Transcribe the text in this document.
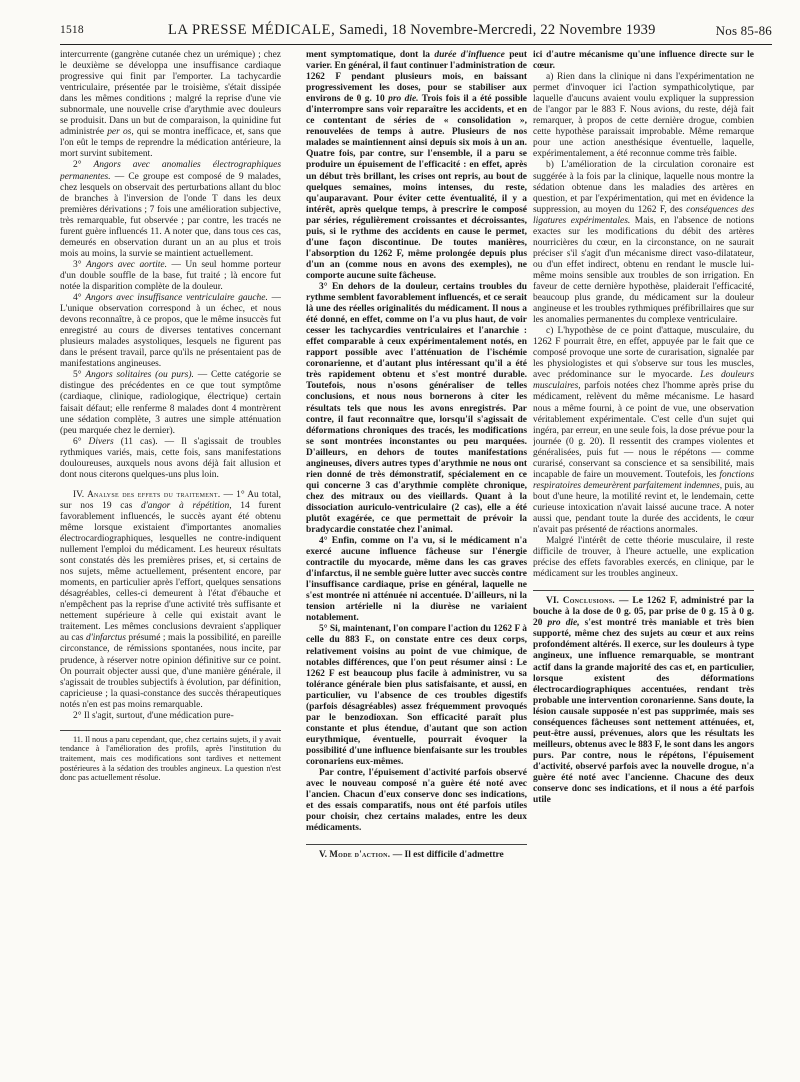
1518	LA PRESSE MÉDICALE, Samedi, 18 Novembre-Mercredi, 22 Novembre 1939	Nos 85-86

intercurrente (gangrène cutanée chez un urémique) ; chez le deuxième se développa une insuffisance cardiaque progressive qui finit par l'emporter. La tachycardie ventriculaire, présentée par le troisième, s'était dissipée dans les mêmes conditions ; malgré la reprise d'une vie subnormale, une nouvelle crise d'arythmie avec douleurs se produisit. Dans un but de comparaison, la quinidine fut administrée per os, qui se montra inefficace, et, sans que l'on eût le temps de reprendre la médication antérieure, la mort survint subitement.

2° Angors avec anomalies électrographiques permanentes. — Ce groupe est composé de 9 malades, chez lesquels on observait des perturbations allant du bloc de branches à l'inversion de l'onde T dans les deux premières dérivations ; 7 fois une amélioration subjective, très remarquable, fut observée ; par contre, les tracés ne furent guère influencés 11. A noter que, dans tous ces cas, demeurés en observation durant un an au plus et trois mois au moins, la survie se maintient actuellement.

3° Angors avec aortite. — Un seul homme porteur d'un double souffle de la base, fut traité ; là encore fut notée la disparition complète de la douleur.

4° Angors avec insuffisance ventriculaire gauche. — L'unique observation correspond à un échec, et nous devons reconnaître, à ce propos, que le même insuccès fut enregistré au cours de diverses tentatives concernant plusieurs malades asystoliques, lesquels ne figurent pas dans le présent travail, parce qu'ils ne présentaient pas de manifestations angineuses.

5° Angors solitaires (ou purs). — Cette catégorie se distingue des précédentes en ce que tout symptôme (cardiaque, clinique, radiologique, électrique) certain faisait défaut; elle renferme 8 malades dont 4 montrèrent une sédation complète, 3 autres une simple atténuation (peu marquée chez le dernier).

6° Divers (11 cas). — Il s'agissait de troubles rythmiques variés, mais, cette fois, sans manifestations douloureuses, auxquels nous avons déjà fait allusion et dont nous citerons quelques-uns plus loin.

IV. Analyse des effets du traitement. — 1° Au total, sur nos 19 cas d'angor à répétition, 14 furent favorablement influencés, le succès ayant été obtenu même lorsque existaient d'importantes anomalies électrocardiographiques, lesquelles ne contre-indiquent nullement l'emploi du médicament. Les heureux résultats sont constatés dès les premières prises, et, si certains de nos sujets, même actuellement, présentent encore, par moments, en particulier après l'effort, quelques sensations désagréables, celles-ci demeurent à l'état d'ébauche et n'empêchent pas la reprise d'une activité très suffisante et nettement supérieure à celle qui existait avant le traitement. Les mêmes conclusions devraient s'appliquer au cas d'infarctus présumé ; mais la possibilité, en pareille circonstance, de rémissions spontanées, nous incite, par prudence, à réserver notre opinion définitive sur ce point. On pourrait objecter aussi que, d'une manière générale, il s'agissait de troubles subjectifs à évolution, par définition, capricieuse ; la quasi-constance des succès thérapeutiques notés n'en est pas moins remarquable.

2° Il s'agit, surtout, d'une médication pure-

11. Il nous a paru cependant, que, chez certains sujets, il y avait tendance à l'amélioration des profils, après l'institution du traitement, mais ces modifications sont tardives et nettement postérieures à la sédation des troubles angineux. La question n'est donc pas actuellement résolue.

ment symptomatique, dont la durée d'influence peut varier. En général, il faut continuer l'administration de 1262 F pendant plusieurs mois, en baissant progressivement les doses, pour se stabiliser aux environs de 0 g. 10 pro die. Trois fois il a été possible d'interrompre sans voir reparaître les accidents, et en ce contentant de séries de « consolidation », renouvelées de temps à autre. Plusieurs de nos malades se maintiennent ainsi depuis six mois à un an. Quatre fois, par contre, sur l'ensemble, il a paru se produire un épuisement de l'efficacité : en effet, après un début très brillant, les crises ont repris, au bout de quelques semaines, moins intenses, du reste, qu'auparavant. Pour éviter cette éventualité, il y a intérêt, après quelque temps, à prescrire le composé par séries, régulièrement croissantes et décroissantes, puis, si le rythme des accidents en cause le permet, d'une façon discontinue. De toutes manières, l'absorption du 1262 F, même prolongée depuis plus d'un an (comme nous en avons des exemples), ne comporte aucune suite fâcheuse.

3° En dehors de la douleur, certains troubles du rythme semblent favorablement influencés, et ce serait là une des réelles originalités du médicament. Il nous a été donné, en effet, comme on l'a vu plus haut, de voir cesser les tachycardies ventriculaires et l'anarchie : effet comparable à ceux expérimentalement notés, en rapport possible avec l'atténuation de l'ischémie coronarienne, et d'autant plus intéressant qu'il a été très rapidement obtenu et s'est montré durable. Toutefois, nous n'osons généraliser de telles conclusions, et nous nous bornerons à citer les résultats tels que nous les avons enregistrés. Par contre, il faut reconnaître que, lorsqu'il s'agissait de déformations chroniques des tracés, les modifications se sont montrées inconstantes ou peu marquées. D'ailleurs, en dehors de toutes manifestations angineuses, divers autres types d'arythmie ne nous ont rien donné de très démonstratif, spécialement en ce qui concerne 3 cas d'arythmie complète chronique, chez des mitraux ou des vieillards. Quant à la dissociation auriculo-ventriculaire (2 cas), elle a été plutôt exagérée, ce que permettait de prévoir la bradycardie constatée chez l'animal.

4° Enfin, comme on l'a vu, si le médicament n'a exercé aucune influence fâcheuse sur l'énergie contractile du myocarde, même dans les cas graves d'infarctus, il ne semble guère lutter avec succès contre l'insuffisance cardiaque, prise en général, laquelle ne s'est montrée ni atténuée ni accentuée. D'ailleurs, ni la tension artérielle ni la diurèse ne variaient notablement.

5° Si, maintenant, l'on compare l'action du 1262 F à celle du 883 F., on constate entre ces deux corps, relativement voisins au point de vue chimique, de notables différences, que l'on peut résumer ainsi : Le 1262 F est beaucoup plus facile à administrer, vu sa tolérance générale bien plus satisfaisante, et aussi, en particulier, vu l'absence de ces troubles digestifs (parfois désagréables) assez fréquemment provoqués par le benzodioxan. Son efficacité paraît plus constante et plus étendue, d'autant que son action eurythmique, éventuelle, pourrait évoquer la possibilité d'une influence bienfaisante sur les troubles coronariens eux-mêmes.

Par contre, l'épuisement d'activité parfois observé avec le nouveau composé n'a guère été noté avec l'ancien. Chacun d'eux conserve donc ses indications, et des essais comparatifs, nous ont été parfois utiles pour choisir, chez certains malades, entre les deux médicaments.

V. Mode d'action. — Il est difficile d'admettre

ici d'autre mécanisme qu'une influence directe sur le cœur.

a) Rien dans la clinique ni dans l'expérimentation ne permet d'invoquer ici l'action sympathicolytique, par laquelle d'aucuns avaient voulu expliquer la suppression de l'angor par le 883 F. Nous avions, du reste, déjà fait remarquer, à propos de cette dernière drogue, combien cette hypothèse paraissait improbable. Même remarque pour une action anesthésique éventuelle, laquelle, expérimentalement, a été reconnue comme très faible.

b) L'amélioration de la circulation coronaire est suggérée à la fois par la clinique, laquelle nous montre la sédation obtenue dans les maladies des artères en question, et par l'expérimentation, qui met en évidence la suppression, au moyen du 1262 F, des conséquences des ligatures expérimentales. Mais, en l'absence de notions exactes sur les modifications du débit des artères nourricières du cœur, en la circonstance, on ne saurait préciser s'il s'agit d'un mécanisme direct vaso-dilatateur, ou d'un effet indirect, obtenu en rendant le muscle lui-même moins sensible aux troubles de son irrigation. En faveur de cette dernière hypothèse, plaiderait l'efficacité, beaucoup plus grande, du médicament sur la douleur angineuse et les troubles rythmiques préfibrillaires que sur les anomalies permanentes du complexe ventriculaire.

c) L'hypothèse de ce point d'attaque, musculaire, du 1262 F pourrait être, en effet, appuyée par le fait que ce composé provoque une sorte de curarisation, signalée par les physiologistes et qui s'observe sur tous les muscles, avec prédominance sur le myocarde. Les douleurs musculaires, parfois notées chez l'homme après prise du médicament, relèvent du même mécanisme. Le hasard nous a même fourni, à ce point de vue, une observation véritablement expérimentale. C'est celle d'un sujet qui ingéra, par erreur, en une seule fois, la dose prévue pour la journée (0 g. 20). Il ressentit des crampes violentes et généralisées, puis fut — nous le répétons — comme curarisé, conservant sa conscience et sa sensibilité, mais incapable de faire un mouvement. Toutefois, les fonctions respiratoires demeurèrent parfaitement indemnes, puis, au bout d'une heure, la motilité revint et, le lendemain, cette curieuse intoxication n'avait laissé aucune trace. A noter aussi que, pendant toute la durée des accidents, le cœur n'avait pas présenté de réactions anormales.

Malgré l'intérêt de cette théorie musculaire, il reste difficile de trouver, à l'heure actuelle, une explication précise des effets favorables exercés, en clinique, par le médicament sur les troubles angineux.

VI. Conclusions. — Le 1262 F, administré par la bouche à la dose de 0 g. 05, par prise de 0 g. 15 à 0 g. 20 pro die, s'est montré très maniable et très bien supporté, même chez des sujets au cœur et aux reins profondément altérés. Il exerce, sur les douleurs à type angineux, une influence remarquable, se montrant actif dans la grande majorité des cas et, en particulier, lorsque existent des déformations électrocardiographiques accentuées, rendant très probable une intervention coronarienne. Sans doute, la lésion causale supposée n'est pas supprimée, mais ses conséquences fâcheuses sont nettement atténuées, et, peut-être aussi, prévenues, alors que les résultats les meilleurs, obtenus avec le 883 F, le sont dans les angors purs. Par contre, nous le répétons, l'épuisement d'activité, observé parfois avec la nouvelle drogue, n'a guère été noté avec l'ancienne. Chacune des deux conserve donc ses indications, et il nous a été parfois utile
